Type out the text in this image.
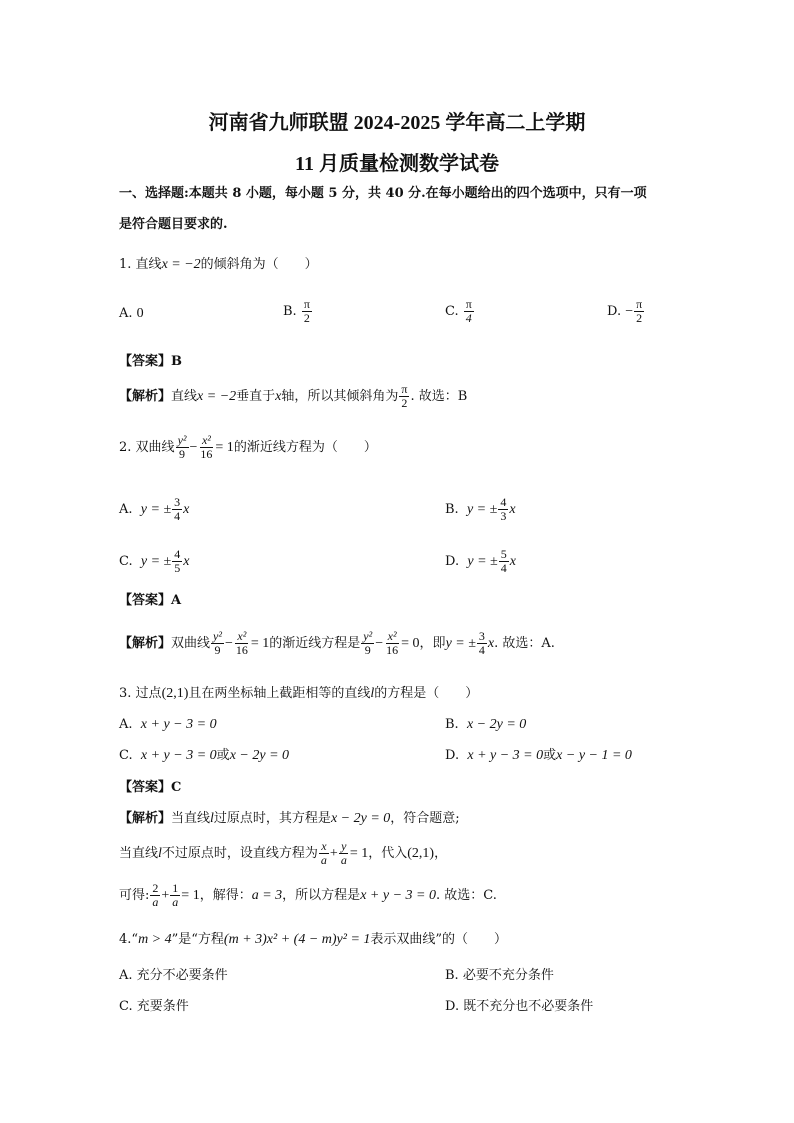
河南省九师联盟 2024-2025 学年高二上学期
11 月质量检测数学试卷
一、选择题:本题共 8 小题，每小题 5 分，共 40 分.在每小题给出的四个选项中，只有一项
是符合题目要求的.
1. 直线x = −2的倾斜角为（　　）
A. 0	B. $\frac{\pi}{2}$	C. $\frac{\pi}{4}$	D. − $\frac{\pi}{2}$
【答案】B
【解析】直线x = −2垂直于x轴，所以其倾斜角为 $\frac{\pi}{2}$ . 故选：B
2. 双曲线 $\frac{\text{y²}}{9} - \frac{\text{x²}}{16} = 1$的渐近线方程为（　　）
A. y = ± $\frac{3}{4}$ x	B. y = ± $\frac{4}{3}$ x
C. y = ± $\frac{4}{5}$ x	D. y = ± $\frac{5}{4}$ x
【答案】A
【解析】双曲线 $\frac{\text{y²}}{9} - \frac{\text{x²}}{16} = 1$的渐近线方程是 $\frac{\text{y²}}{9} - \frac{\text{x²}}{16} = 0$，即y = ± $\frac{3}{4} x$. 故选：A.
3. 过点(2,1)且在两坐标轴上截距相等的直线l的方程是（　　）
A. x + y − 3 = 0	B. x − 2y = 0
C. x + y − 3 = 0或x − 2y = 0	D. x + y − 3 = 0或x − y − 1 = 0
【答案】C
【解析】当直线l过原点时，其方程是x − 2y = 0，符合题意;
当直线l不过原点时，设直线方程为 $\frac{x}{a} + \frac{y}{a} = 1$，代入(2,1)，
可得: $\frac{2}{a} + \frac{1}{a} = 1$，解得：a = 3，所以方程是x + y − 3 = 0. 故选：C.
4.“m > 4”是“方程(m + 3)x² + (4 − m)y² = 1表示双曲线”的（　　）
A. 充分不必要条件	B. 必要不充分条件
C. 充要条件	D. 既不充分也不必要条件
